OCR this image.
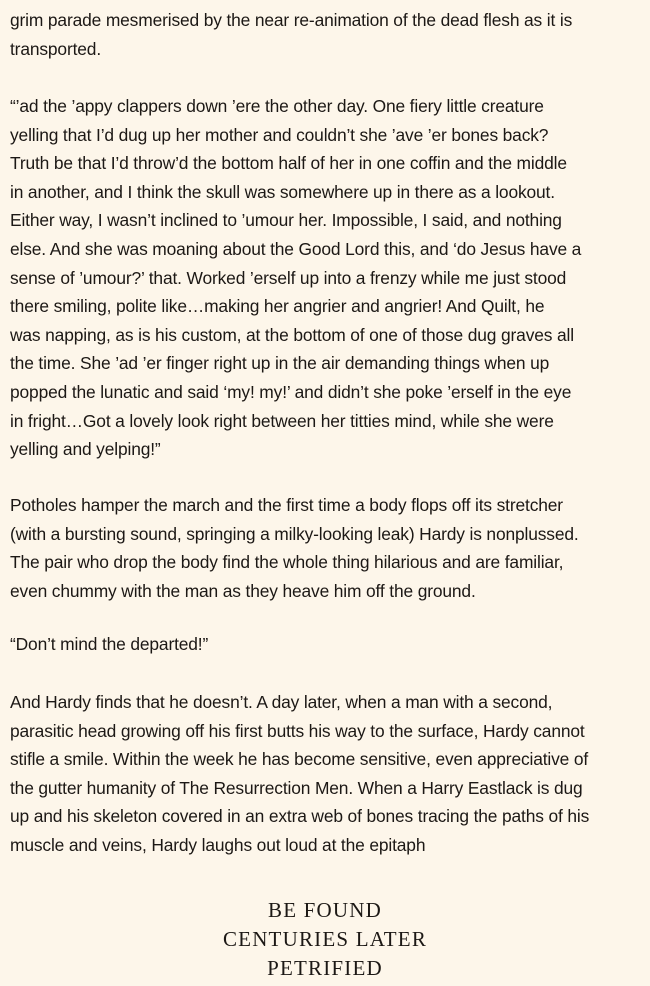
grim parade mesmerised by the near re-animation of the dead flesh as it is
transported.

“’ad the ’appy clappers down ’ere the other day. One fiery little creature
yelling that I’d dug up her mother and couldn’t she ’ave ’er bones back?
Truth be that I’d throw’d the bottom half of her in one coffin and the middle
in another, and I think the skull was somewhere up in there as a lookout.
Either way, I wasn’t inclined to ’umour her. Impossible, I said, and nothing
else. And she was moaning about the Good Lord this, and ‘do Jesus have a
sense of ’umour?’ that. Worked ’erself up into a frenzy while me just stood
there smiling, polite like…making her angrier and angrier! And Quilt, he
was napping, as is his custom, at the bottom of one of those dug graves all
the time. She ’ad ’er finger right up in the air demanding things when up
popped the lunatic and said ‘my! my!’ and didn’t she poke ’erself in the eye
in fright…Got a lovely look right between her titties mind, while she were
yelling and yelping!”

Potholes hamper the march and the first time a body flops off its stretcher
(with a bursting sound, springing a milky-looking leak) Hardy is nonplussed.
The pair who drop the body find the whole thing hilarious and are familiar,
even chummy with the man as they heave him off the ground.

“Don’t mind the departed!”

And Hardy finds that he doesn’t. A day later, when a man with a second,
parasitic head growing off his first butts his way to the surface, Hardy cannot
stifle a smile. Within the week he has become sensitive, even appreciative of
the gutter humanity of The Resurrection Men. When a Harry Eastlack is dug
up and his skeleton covered in an extra web of bones tracing the paths of his
muscle and veins, Hardy laughs out loud at the epitaph

BE FOUND
CENTURIES LATER
PETRIFIED
